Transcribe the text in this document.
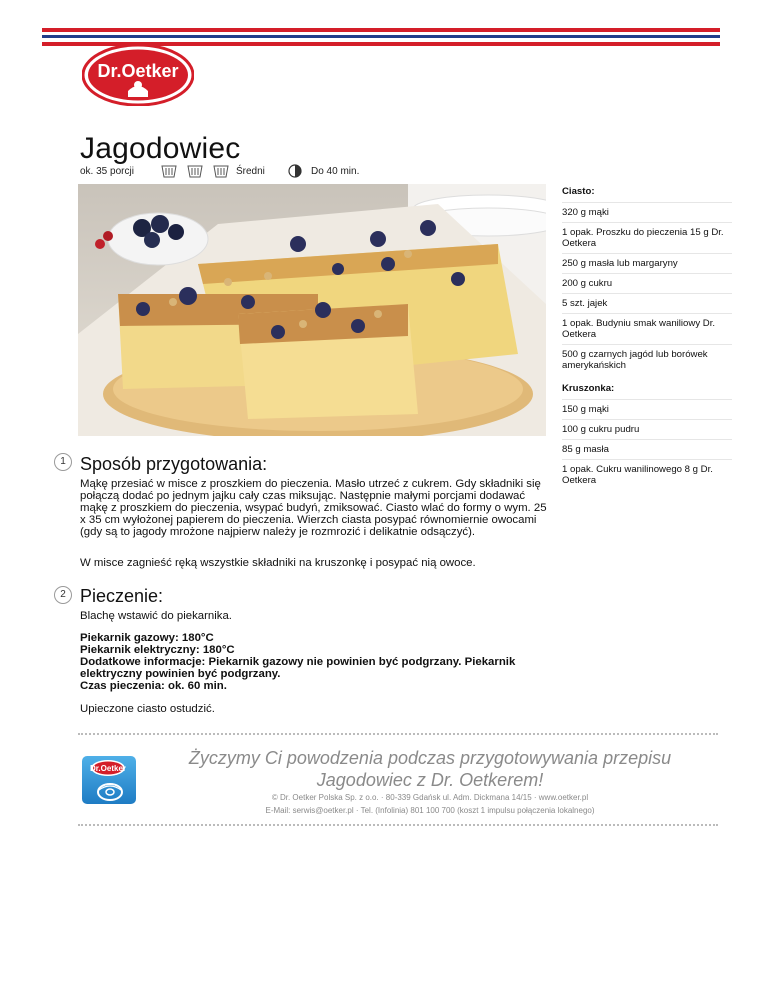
Dr.Oetker
Jagodowiec
ok. 35 porcji	Średni	Do 40 min.
Ciasto:
320 g mąki
1 opak. Proszku do pieczenia 15 g Dr. Oetkera
250 g masła lub margaryny
200 g cukru
5 szt. jajek
1 opak. Budyniu smak waniliowy Dr. Oetkera
500 g czarnych jagód lub borówek amerykańskich
Kruszonka:
150 g mąki
100 g cukru pudru
85 g masła
1 opak. Cukru wanilinowego 8 g Dr. Oetkera
1 Sposób przygotowania:
Mąkę przesiać w misce z proszkiem do pieczenia. Masło utrzeć z cukrem. Gdy składniki się połączą dodać po jednym jajku cały czas miksując. Następnie małymi porcjami dodawać mąkę z proszkiem do pieczenia, wsypać budyń, zmiksować. Ciasto wlać do formy o wym. 25 x 35 cm wyłożonej papierem do pieczenia. Wierzch ciasta posypać równomiernie owocami (gdy są to jagody mrożone najpierw należy je rozmrozić i delikatnie odsączyć).
W misce zagnieść ręką wszystkie składniki na kruszonkę i posypać nią owoce.
2 Pieczenie:
Blachę wstawić do piekarnika.
Piekarnik gazowy: 180°C
Piekarnik elektryczny: 180°C
Dodatkowe informacje: Piekarnik gazowy nie powinien być podgrzany. Piekarnik elektryczny powinien być podgrzany.
Czas pieczenia: ok. 60 min.
Upieczone ciasto ostudzić.
Dr.Oetker
Życzymy Ci powodzenia podczas przygotowywania przepisu
Jagodowiec z Dr. Oetkerem!
© Dr. Oetker Polska Sp. z o.o. · 80-339 Gdańsk ul. Adm. Dickmana 14/15 · www.oetker.pl
E-Mail: serwis@oetker.pl · Tel. (Infolinia) 801 100 700 (koszt 1 impulsu połączenia lokalnego)
